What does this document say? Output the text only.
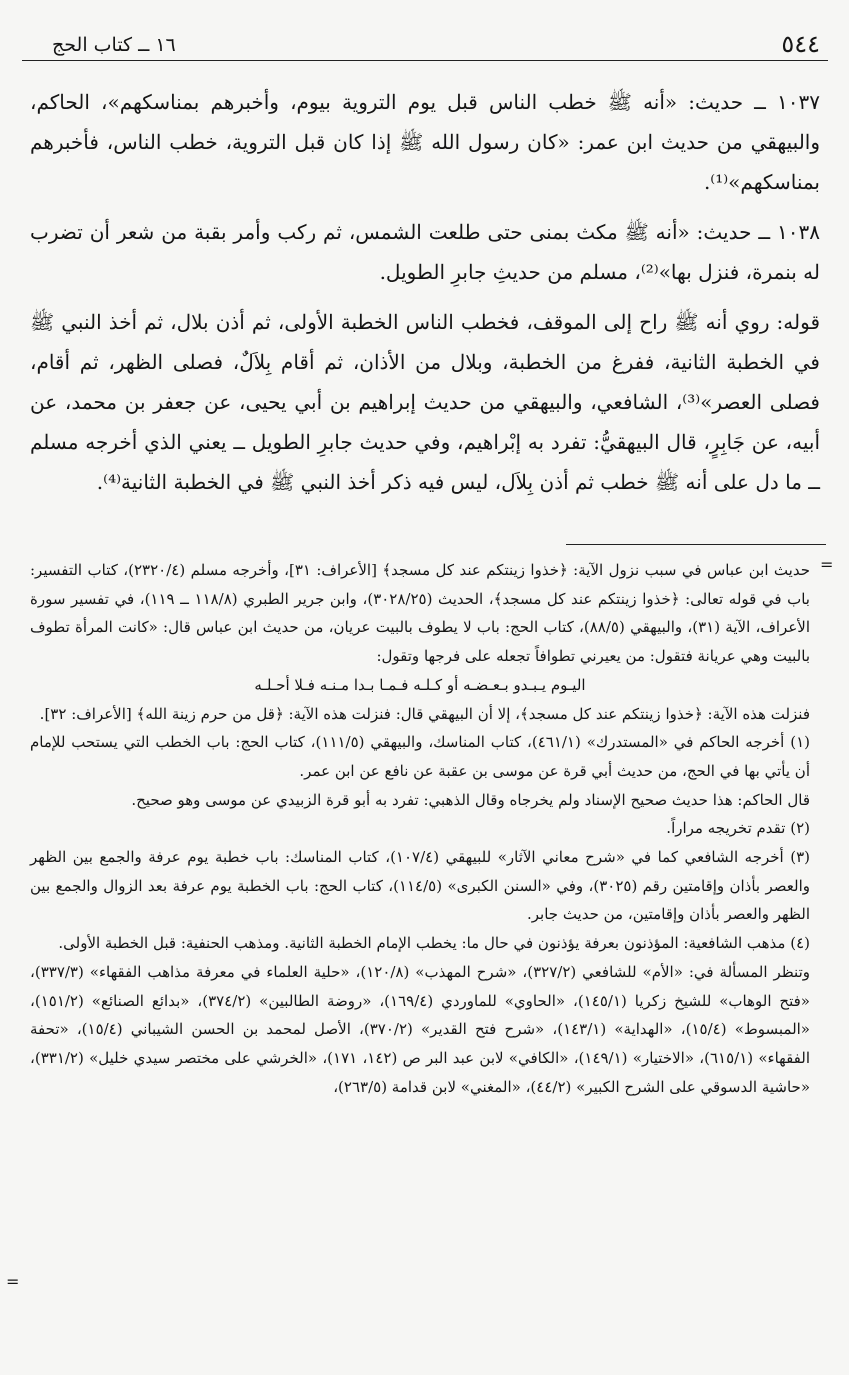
٥٤٤
١٦ ــ كتاب الحج

١٠٣٧ ــ حديث: «أنه ﷺ خطب الناس قبل يوم التروية بيوم، وأخبرهم بمناسكهم»، الحاكم، والبيهقي من حديث ابن عمر: «كان رسول الله ﷺ إذا كان قبل التروية، خطب الناس، فأخبرهم بمناسكهم»⁽¹⁾.

١٠٣٨ ــ حديث: «أنه ﷺ مكث بمنى حتى طلعت الشمس، ثم ركب وأمر بقبة من شعر أن تضرب له بنمرة، فنزل بها»⁽²⁾، مسلم من حديثِ جابرِ الطويل.

قوله: روي أنه ﷺ راح إلى الموقف، فخطب الناس الخطبة الأولى، ثم أذن بلال، ثم أخذ النبي ﷺ في الخطبة الثانية، ففرغ من الخطبة، وبلال من الأذان، ثم أقام بِلاَلٌ، فصلى الظهر، ثم أقام، فصلى العصر»⁽³⁾، الشافعي، والبيهقي من حديث إبراهيم بن أبي يحيى، عن جعفر بن محمد، عن أبيه، عن جَابِرٍ، قال البيهقيُّ: تفرد به إبْراهيم، وفي حديث جابرِ الطويل ــ يعني الذي أخرجه مسلم ــ ما دل على أنه ﷺ خطب ثم أذن بِلاَل، ليس فيه ذكر أخذ النبي ﷺ في الخطبة الثانية⁽⁴⁾.

=

حديث ابن عباس في سبب نزول الآية: ﴿خذوا زينتكم عند كل مسجد﴾ [الأعراف: ٣١]، وأخرجه مسلم (٢٣٢٠/٤)، كتاب التفسير: باب في قوله تعالى: ﴿خذوا زينتكم عند كل مسجد﴾، الحديث (٣٠٢٨/٢٥)، وابن جرير الطبري (١١٨/٨ ــ ١١٩)، في تفسير سورة الأعراف، الآية (٣١)، والبيهقي (٨٨/٥)، كتاب الحج: باب لا يطوف بالبيت عريان، من حديث ابن عباس قال: «كانت المرأة تطوف بالبيت وهي عريانة فتقول: من يعيرني تطوافاً تجعله على فرجها وتقول:

اليـوم يـبـدو بـعـضـه أو كـلـه فـمـا بـدا مـنـه فـلا أحـلـه

فنزلت هذه الآية: ﴿خذوا زينتكم عند كل مسجد﴾، إلا أن البيهقي قال: فنزلت هذه الآية: ﴿قل من حرم زينة الله﴾ [الأعراف: ٣٢].

(١) أخرجه الحاكم في «المستدرك» (٤٦١/١)، كتاب المناسك، والبيهقي (١١١/٥)، كتاب الحج: باب الخطب التي يستحب للإمام أن يأتي بها في الحج، من حديث أبي قرة عن موسى بن عقبة عن نافع عن ابن عمر.

قال الحاكم: هذا حديث صحيح الإسناد ولم يخرجاه وقال الذهبي: تفرد به أبو قرة الزبيدي عن موسى وهو صحيح.

(٢) تقدم تخريجه مراراً.

(٣) أخرجه الشافعي كما في «شرح معاني الآثار» للبيهقي (١٠٧/٤)، كتاب المناسك: باب خطبة يوم عرفة والجمع بين الظهر والعصر بأذان وإقامتين رقم (٣٠٢٥)، وفي «السنن الكبرى» (١١٤/٥)، كتاب الحج: باب الخطبة يوم عرفة بعد الزوال والجمع بين الظهر والعصر بأذان وإقامتين، من حديث جابر.

(٤) مذهب الشافعية: المؤذنون بعرفة يؤذنون في حال ما: يخطب الإمام الخطبة الثانية. ومذهب الحنفية: قبل الخطبة الأولى.

وتنظر المسألة في: «الأم» للشافعي (٣٢٧/٢)، «شرح المهذب» (١٢٠/٨)، «حلية العلماء في معرفة مذاهب الفقهاء» (٣٣٧/٣)، «فتح الوهاب» للشيخ زكريا (١٤٥/١)، «الحاوي» للماوردي (١٦٩/٤)، «روضة الطالبين» (٣٧٤/٢)، «بدائع الصنائع» (١٥١/٢)، «المبسوط» (١٥/٤)، «الهداية» (١٤٣/١)، «شرح فتح القدير» (٣٧٠/٢)، الأصل لمحمد بن الحسن الشيباني (١٥/٤)، «تحفة الفقهاء» (٦١٥/١)، «الاختيار» (١٤٩/١)، «الكافي» لابن عبد البر ص (١٤٢، ١٧١)، «الخرشي على مختصر سيدي خليل» (٣٣١/٢)، «حاشية الدسوقي على الشرح الكبير» (٤٤/٢)، «المغني» لابن قدامة (٢٦٣/٥)،

=
